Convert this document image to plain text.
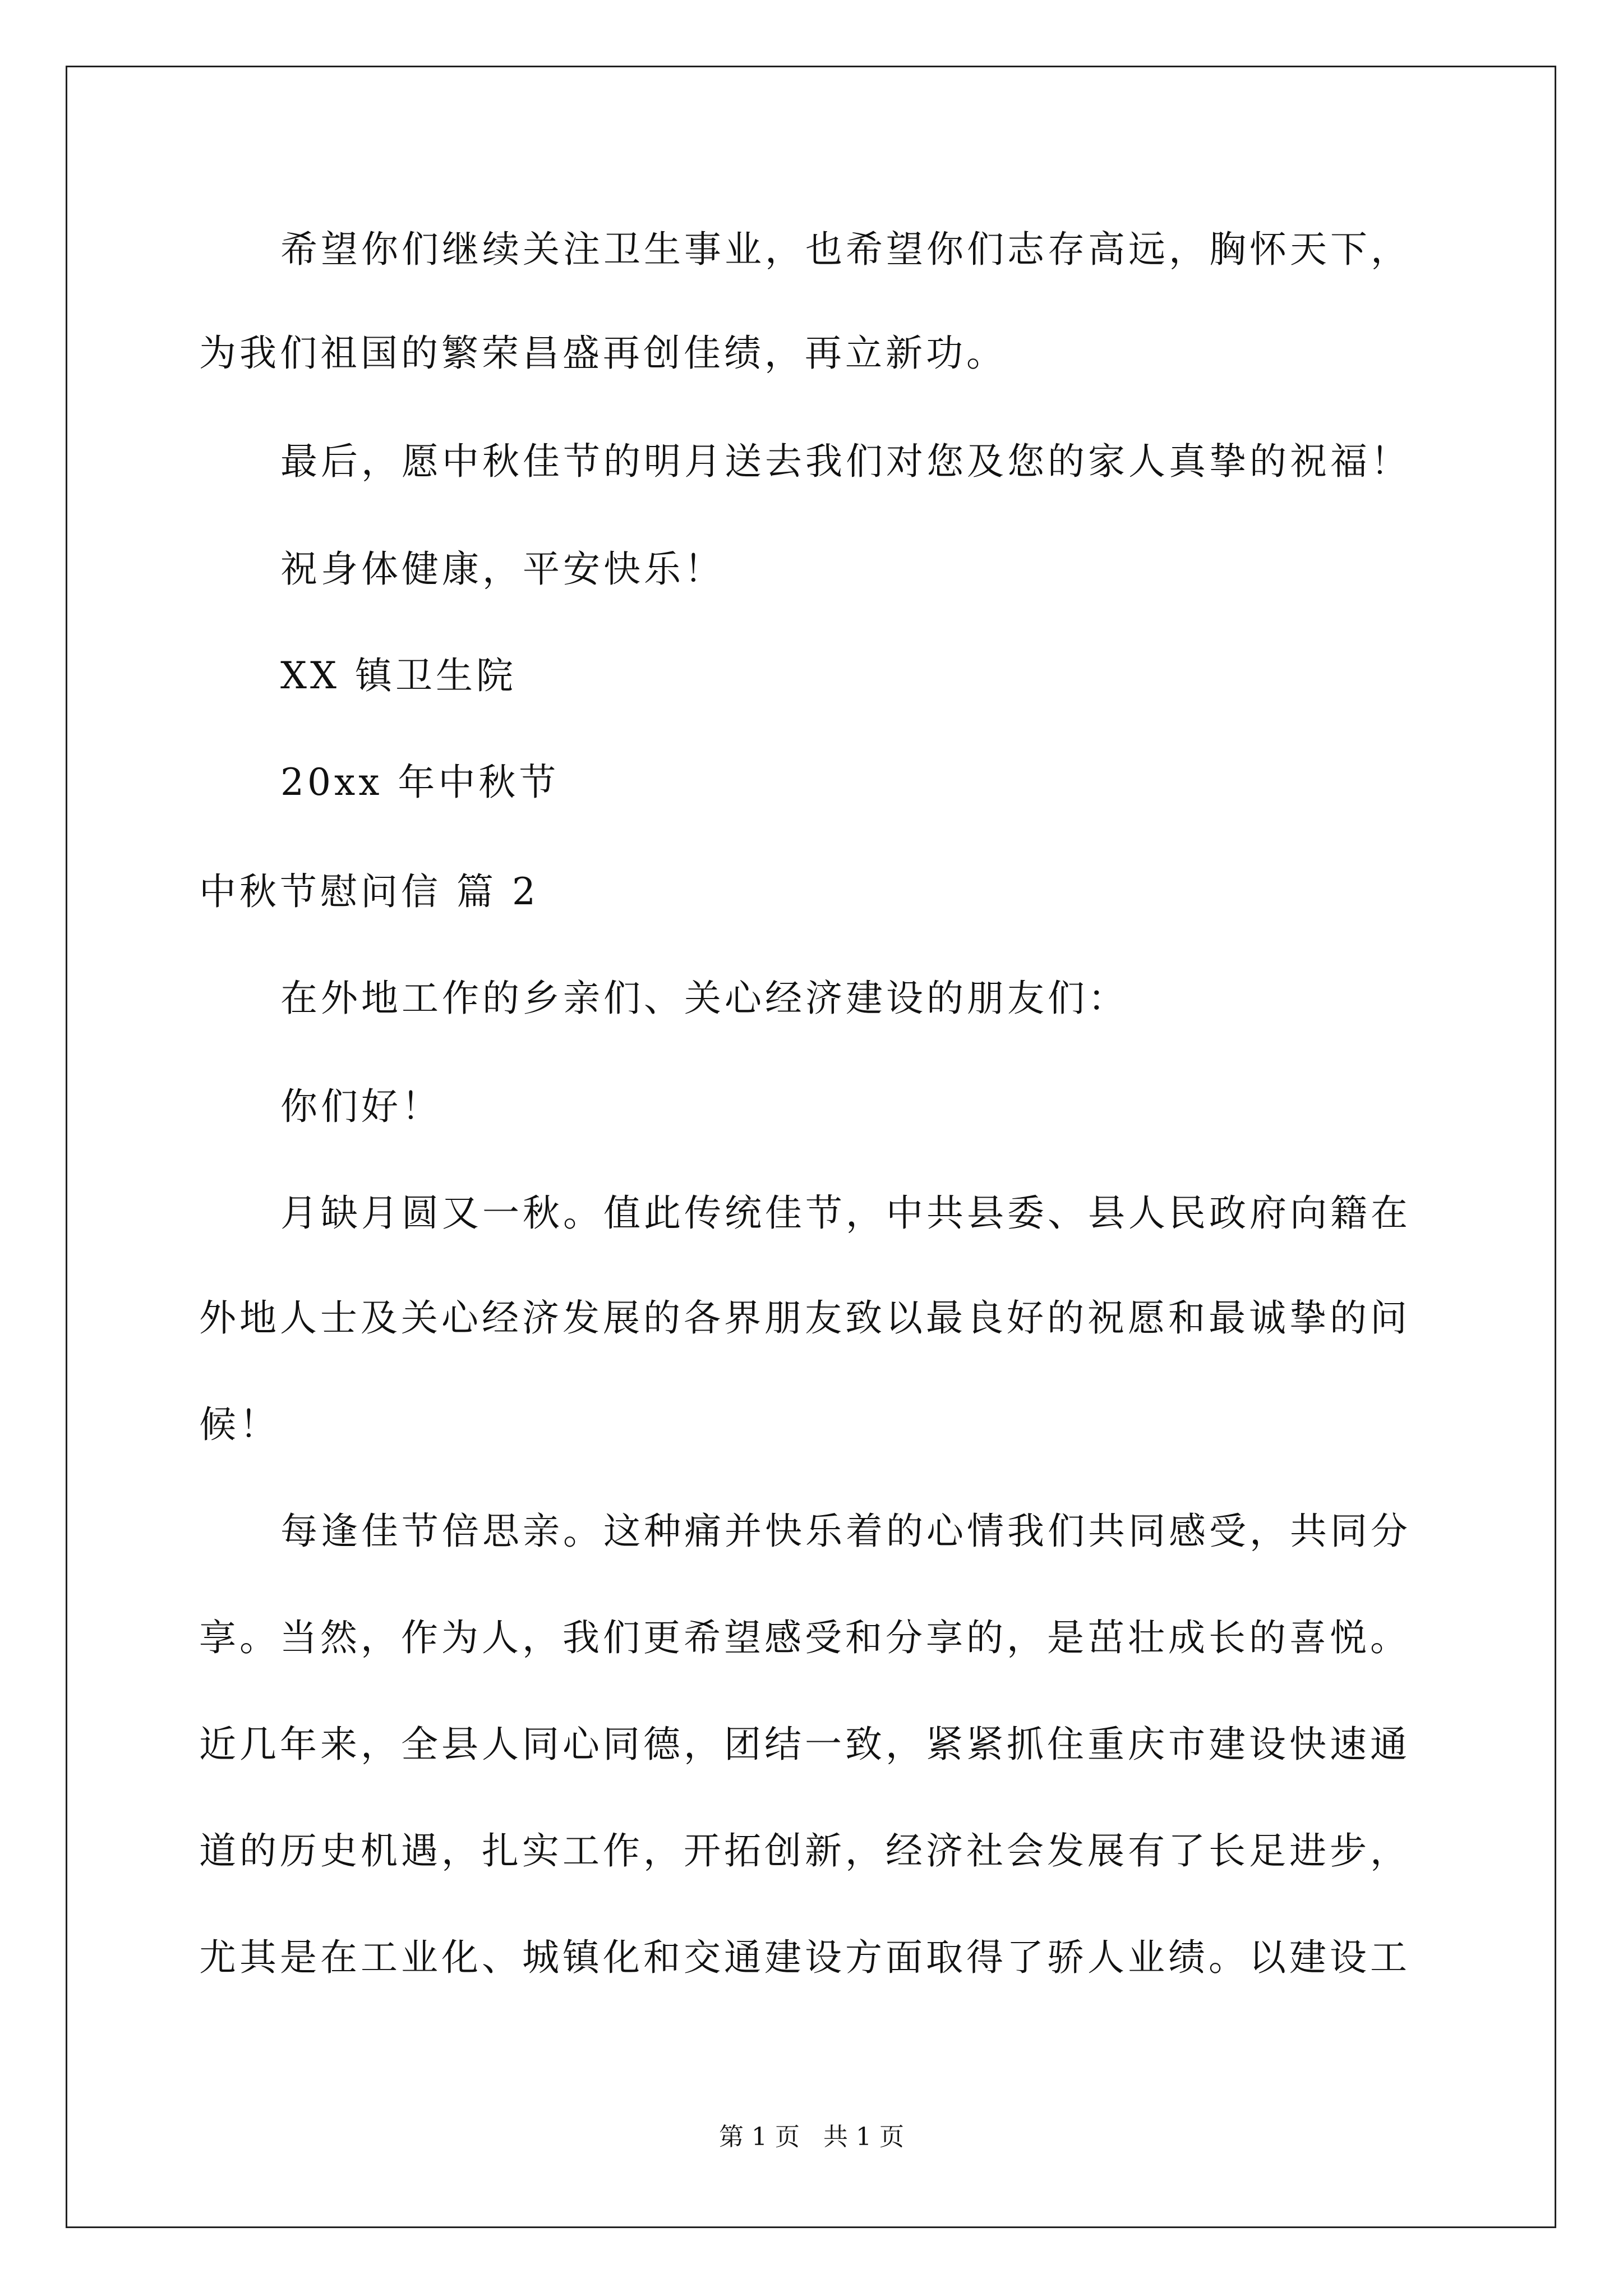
希望你们继续关注卫生事业，也希望你们志存高远，胸怀天下，
为我们祖国的繁荣昌盛再创佳绩，再立新功。
最后，愿中秋佳节的明月送去我们对您及您的家人真挚的祝福！
祝身体健康，平安快乐！
XX 镇卫生院
20xx 年中秋节
中秋节慰问信 篇 2
在外地工作的乡亲们、关心经济建设的朋友们：
你们好！
月缺月圆又一秋。值此传统佳节，中共县委、县人民政府向籍在
外地人士及关心经济发展的各界朋友致以最良好的祝愿和最诚挚的问
候！
每逢佳节倍思亲。这种痛并快乐着的心情我们共同感受，共同分
享。当然，作为人，我们更希望感受和分享的，是茁壮成长的喜悦。
近几年来，全县人同心同德，团结一致，紧紧抓住重庆市建设快速通
道的历史机遇，扎实工作，开拓创新，经济社会发展有了长足进步，
尤其是在工业化、城镇化和交通建设方面取得了骄人业绩。以建设工
第 1 页 共 1 页
